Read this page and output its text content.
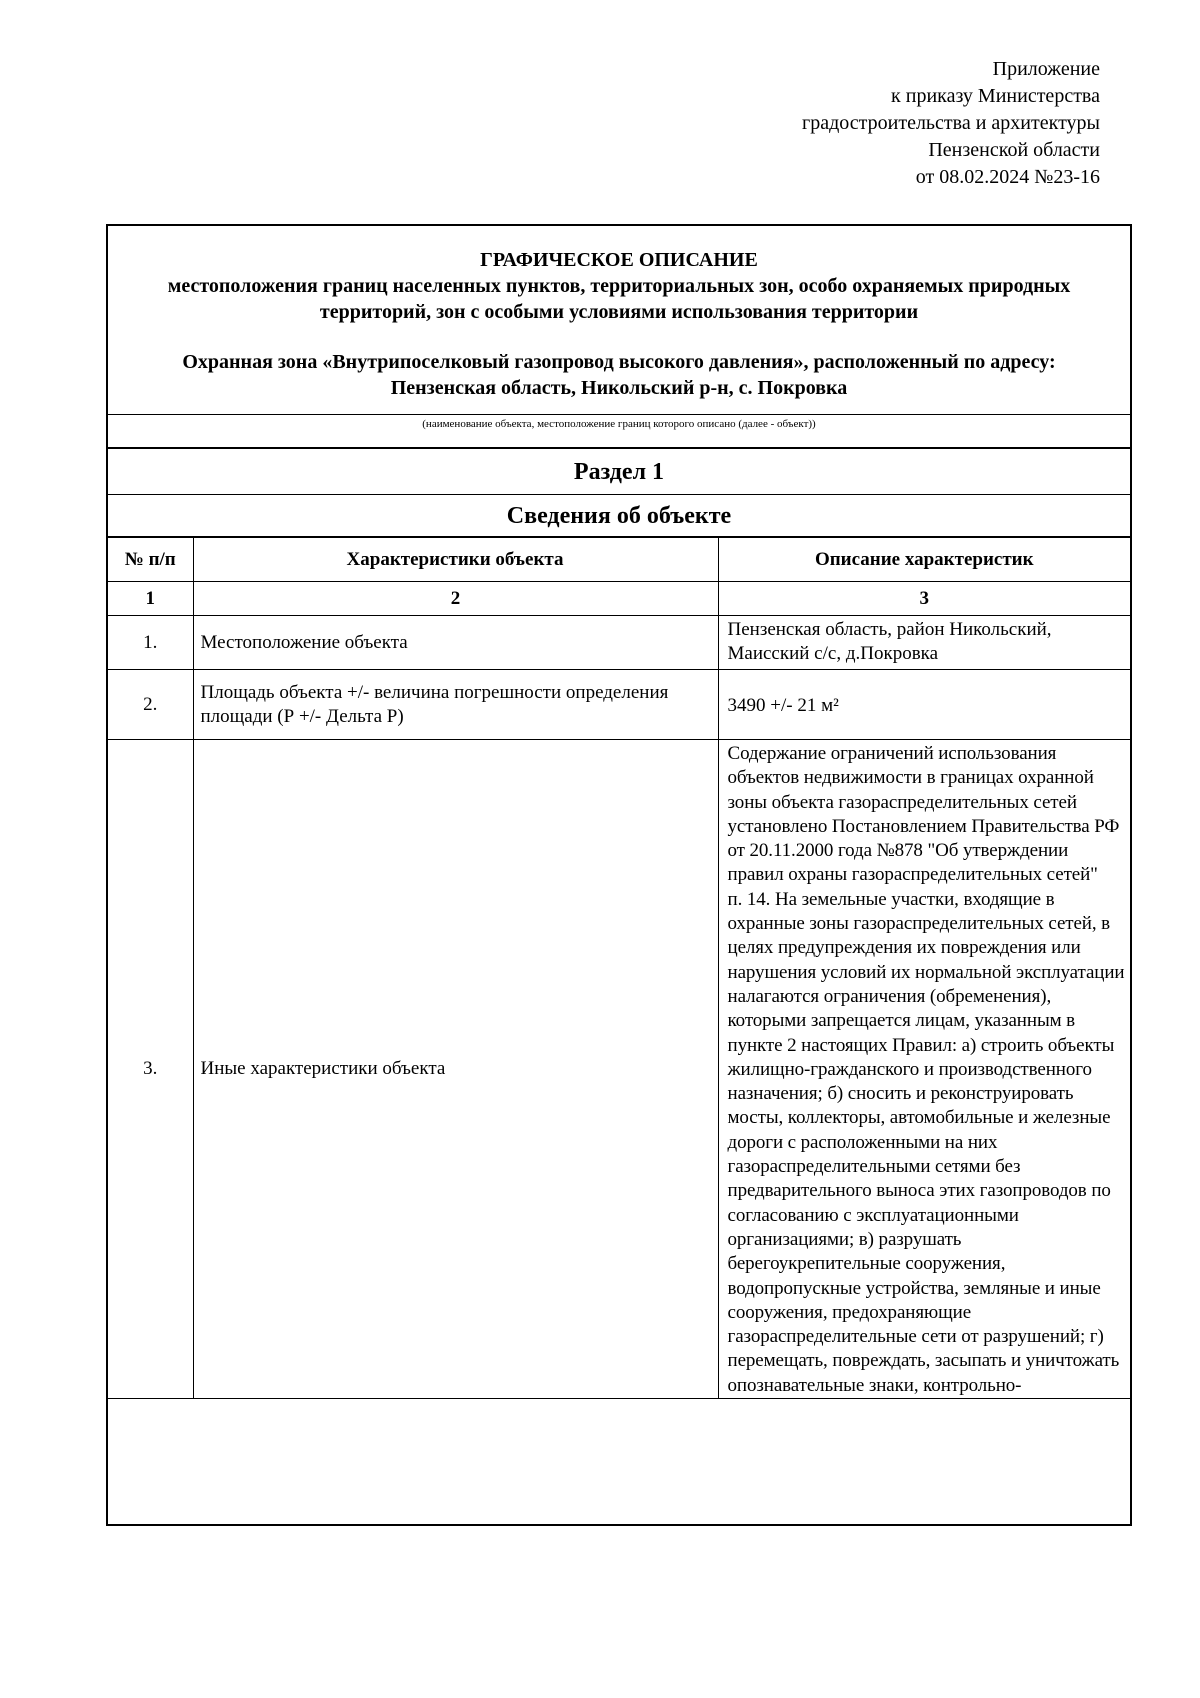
Приложение
к приказу Министерства
градостроительства и архитектуры
Пензенской области
от 08.02.2024 №23-16
ГРАФИЧЕСКОЕ ОПИСАНИЕ
местоположения границ населенных пунктов, территориальных зон, особо охраняемых природных территорий, зон с особыми условиями использования территории
Охранная зона «Внутрипоселковый газопровод высокого давления», расположенный по адресу: Пензенская область, Никольский р-н, с. Покровка
(наименование объекта, местоположение границ которого описано (далее - объект))
Раздел 1
Сведения об объекте
№ п/п	Характеристики объекта	Описание характеристик
1	2	3
1.	Местоположение объекта	Пензенская область, район Никольский, Маисский с/с, д.Покровка
2.	Площадь объекта +/- величина погрешности определения площади (Р +/- Дельта Р)	3490 +/- 21 м²
3.	Иные характеристики объекта	Содержание ограничений использования объектов недвижимости в границах охранной зоны объекта газораспределительных сетей установлено Постановлением Правительства РФ от 20.11.2000 года №878 "Об утверждении правил охраны газораспределительных сетей"
п. 14. На земельные участки, входящие в охранные зоны газораспределительных сетей, в целях предупреждения их повреждения или нарушения условий их нормальной эксплуатации налагаются ограничения (обременения), которыми запрещается лицам, указанным в пункте 2 настоящих Правил: а) строить объекты жилищно-гражданского и производственного назначения; б) сносить и реконструировать мосты, коллекторы, автомобильные и железные дороги с расположенными на них газораспределительными сетями без предварительного выноса этих газопроводов по согласованию с эксплуатационными организациями; в) разрушать берегоукрепительные сооружения, водопропускные устройства, земляные и иные сооружения, предохраняющие газораспределительные сети от разрушений; г) перемещать, повреждать, засыпать и уничтожать опознавательные знаки, контрольно-
